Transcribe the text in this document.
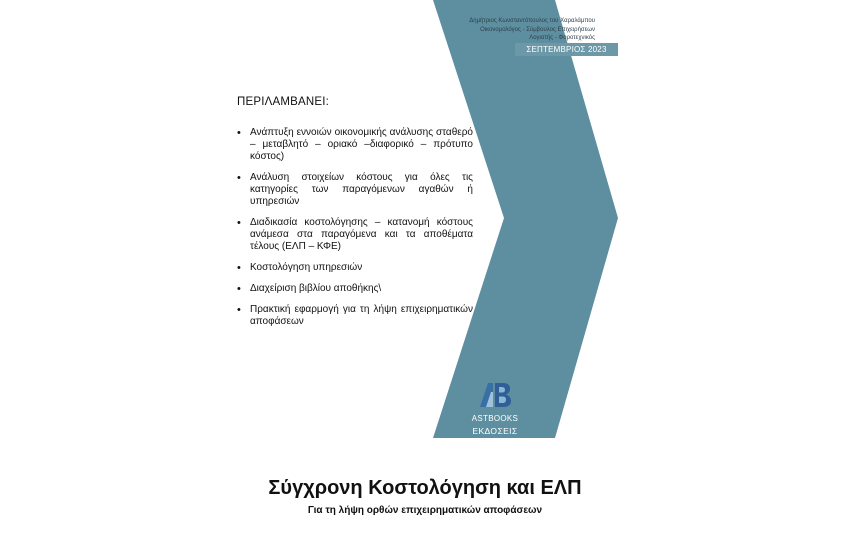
Δημήτριος Κωνσταντόπουλος του Χαραλάμπου
Οικονομολόγος - Σύμβουλος Επιχειρήσεων
Λογιστής - Φοροτεχνικός
ΣΕΠΤΕΜΒΡΙΟΣ 2023
ΠΕΡΙΛΑΜΒΑΝΕΙ:
• Ανάπτυξη εννοιών οικονομικής ανάλυσης σταθερό – μεταβλητό – οριακό –διαφορικό – πρότυπο κόστος)
• Ανάλυση στοιχείων κόστους για όλες τις κατηγορίες των παραγόμενων αγαθών ή υπηρεσιών
• Διαδικασία κοστολόγησης – κατανομή κόστους ανάμεσα στα παραγόμενα και τα αποθέματα τέλους (ΕΛΠ – ΚΦΕ)
• Κοστολόγηση υπηρεσιών
• Διαχείριση βιβλίου αποθήκης\
• Πρακτική εφαρμογή για τη λήψη επιχειρηματικών αποφάσεων
ASTBOOKS
ΕΚΔΟΣΕΙΣ
Σύγχρονη Κοστολόγηση και ΕΛΠ
Για τη λήψη ορθών επιχειρηματικών αποφάσεων
